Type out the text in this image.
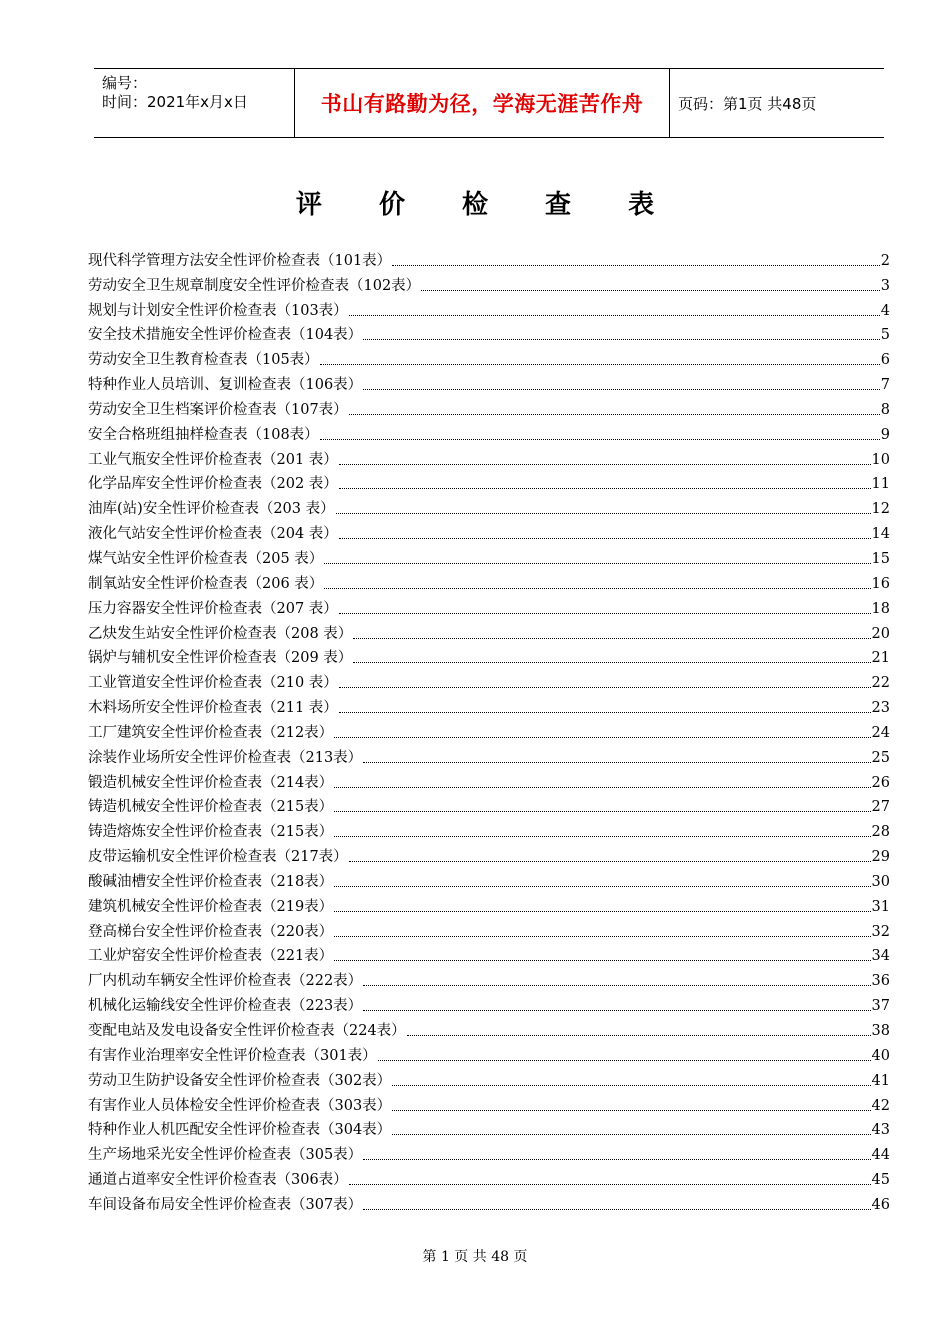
编号：
时间：2021年x月x日	书山有路勤为径，学海无涯苦作舟	页码：第1页 共48页
评 价 检 查 表
现代科学管理方法安全性评价检查表（101表）	2
劳动安全卫生规章制度安全性评价检查表（102表）	3
规划与计划安全性评价检查表（103表）	4
安全技术措施安全性评价检查表（104表）	5
劳动安全卫生教育检查表（105表）	6
特种作业人员培训、复训检查表（106表）	7
劳动安全卫生档案评价检查表（107表）	8
安全合格班组抽样检查表（108表）	9
工业气瓶安全性评价检查表（201 表）	10
化学品库安全性评价检查表（202 表）	11
油库(站)安全性评价检查表（203 表）	12
液化气站安全性评价检查表（204 表）	14
煤气站安全性评价检查表（205 表）	15
制氧站安全性评价检查表（206 表）	16
压力容器安全性评价检查表（207 表）	18
乙炔发生站安全性评价检查表（208 表）	20
锅炉与辅机安全性评价检查表（209 表）	21
工业管道安全性评价检查表（210 表）	22
木料场所安全性评价检查表（211 表）	23
工厂建筑安全性评价检查表（212表）	24
涂装作业场所安全性评价检查表（213表）	25
锻造机械安全性评价检查表（214表）	26
铸造机械安全性评价检查表（215表）	27
铸造熔炼安全性评价检查表（215表）	28
皮带运输机安全性评价检查表（217表）	29
酸碱油槽安全性评价检查表（218表）	30
建筑机械安全性评价检查表（219表）	31
登高梯台安全性评价检查表（220表）	32
工业炉窑安全性评价检查表（221表）	34
厂内机动车辆安全性评价检查表（222表）	36
机械化运输线安全性评价检查表（223表）	37
变配电站及发电设备安全性评价检查表（224表）	38
有害作业治理率安全性评价检查表（301表）	40
劳动卫生防护设备安全性评价检查表（302表）	41
有害作业人员体检安全性评价检查表（303表）	42
特种作业人机匹配安全性评价检查表（304表）	43
生产场地采光安全性评价检查表（305表）	44
通道占道率安全性评价检查表（306表）	45
车间设备布局安全性评价检查表（307表）	46
第 1 页 共 48 页
